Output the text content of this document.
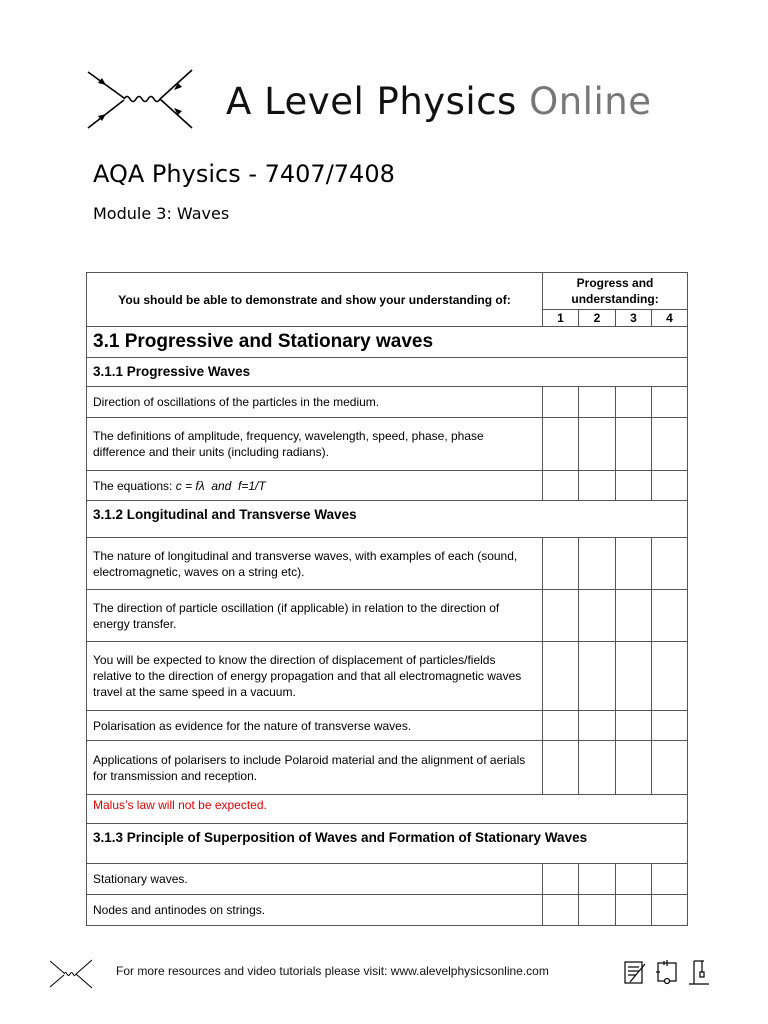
A Level Physics Online
AQA Physics - 7407/7408
Module 3: Waves
You should be able to demonstrate and show your understanding of:	Progress and understanding:			
	1	2	3	4
3.1 Progressive and Stationary waves				
3.1.1 Progressive Waves				
Direction of oscillations of the particles in the medium.				
The definitions of amplitude, frequency, wavelength, speed, phase, phase difference and their units (including radians).				
The equations: c = fλ  and  f=1/T				
3.1.2 Longitudinal and Transverse Waves				
The nature of longitudinal and transverse waves, with examples of each (sound, electromagnetic, waves on a string etc).				
The direction of particle oscillation (if applicable) in relation to the direction of energy transfer.				
You will be expected to know the direction of displacement of particles/fields relative to the direction of energy propagation and that all electromagnetic waves travel at the same speed in a vacuum.				
Polarisation as evidence for the nature of transverse waves.				
Applications of polarisers to include Polaroid material and the alignment of aerials for transmission and reception.				
Malus’s law will not be expected.				
3.1.3 Principle of Superposition of Waves and Formation of Stationary Waves				
Stationary waves.				
Nodes and antinodes on strings.				
For more resources and video tutorials please visit: www.alevelphysicsonline.com
